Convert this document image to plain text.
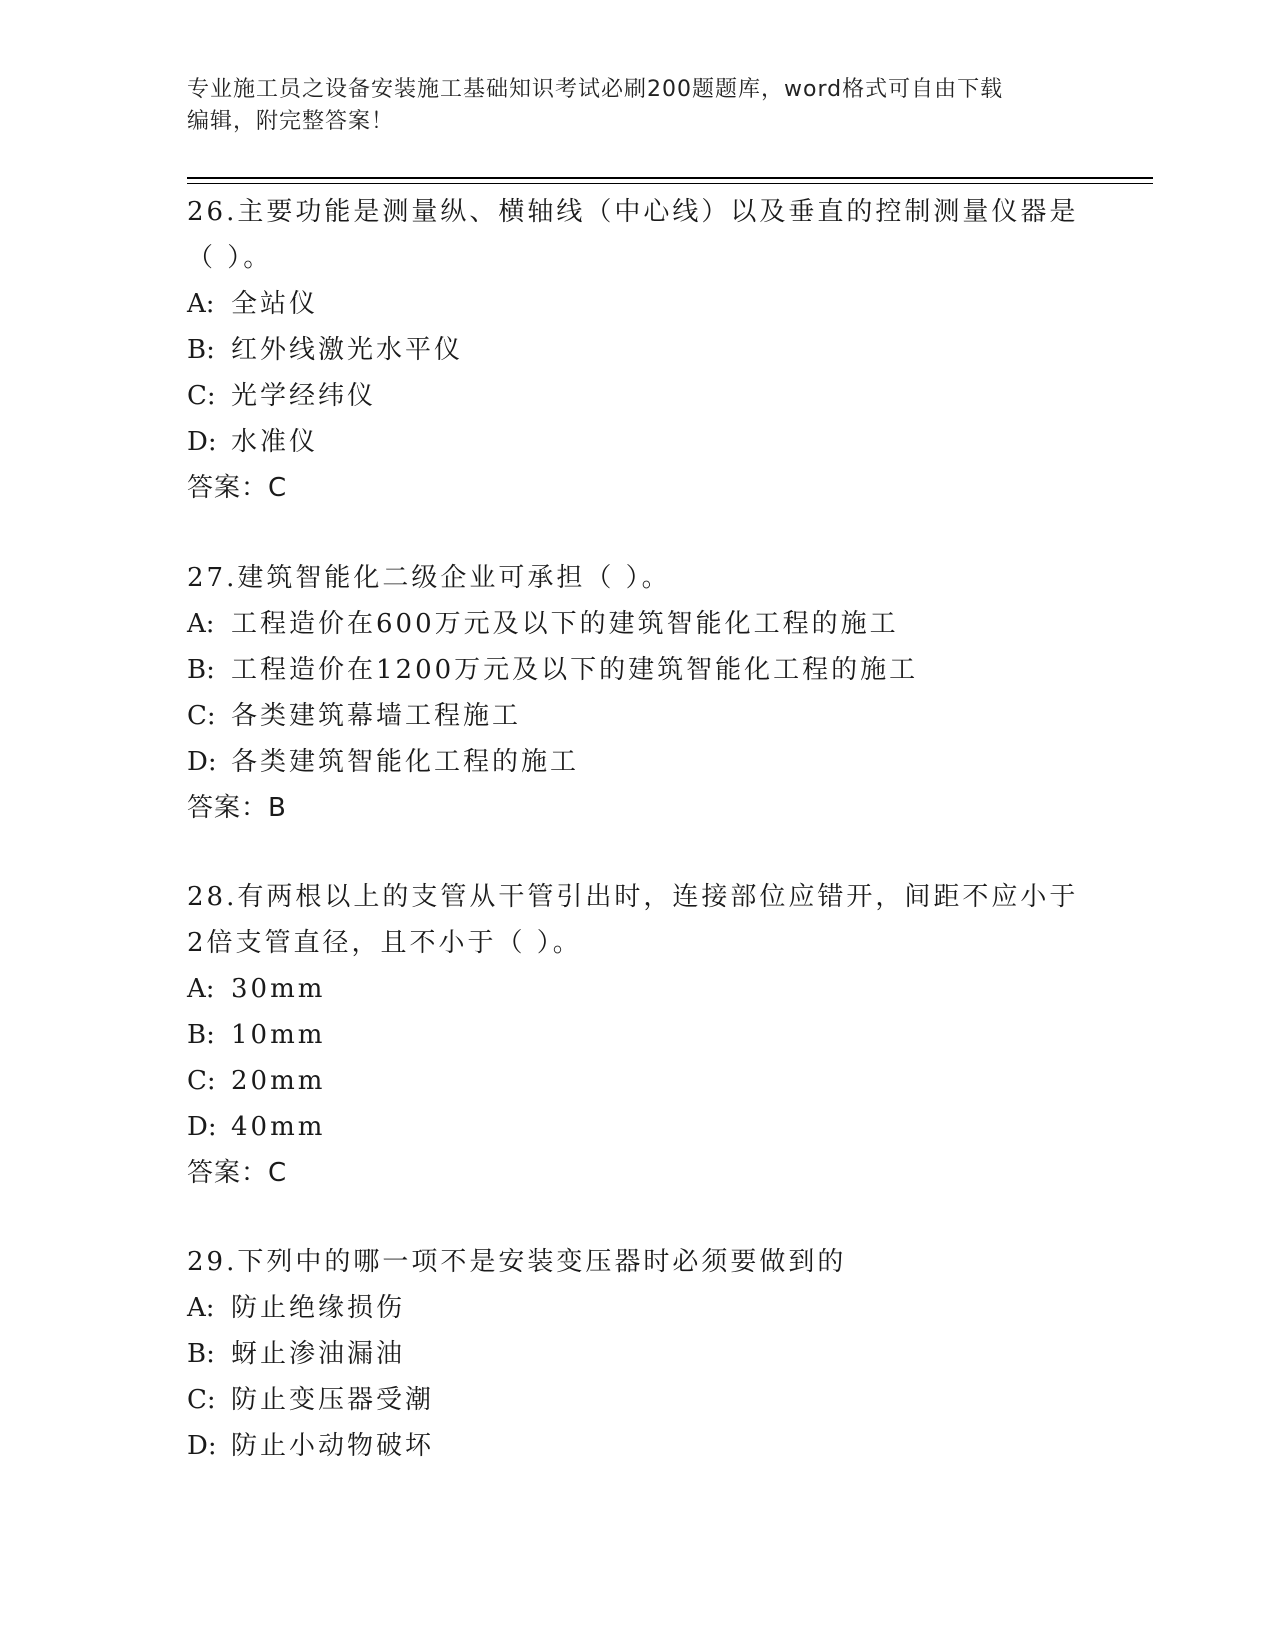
专业施工员之设备安装施工基础知识考试必刷200题题库，word格式可自由下载
编辑，附完整答案！

26.主要功能是测量纵、横轴线（中心线）以及垂直的控制测量仪器是

（ ）。

A: 全站仪

B: 红外线激光水平仪

C: 光学经纬仪

D: 水准仪

答案：C

27.建筑智能化二级企业可承担（ ）。

A: 工程造价在600万元及以下的建筑智能化工程的施工

B: 工程造价在1200万元及以下的建筑智能化工程的施工

C: 各类建筑幕墙工程施工

D: 各类建筑智能化工程的施工

答案：B

28.有两根以上的支管从干管引出时，连接部位应错开，间距不应小于

2倍支管直径，且不小于（ ）。

A: 30mm

B: 10mm

C: 20mm

D: 40mm

答案：C

29.下列中的哪一项不是安装变压器时必须要做到的

A: 防止绝缘损伤

B: 蚜止渗油漏油

C: 防止变压器受潮

D: 防止小动物破坏
